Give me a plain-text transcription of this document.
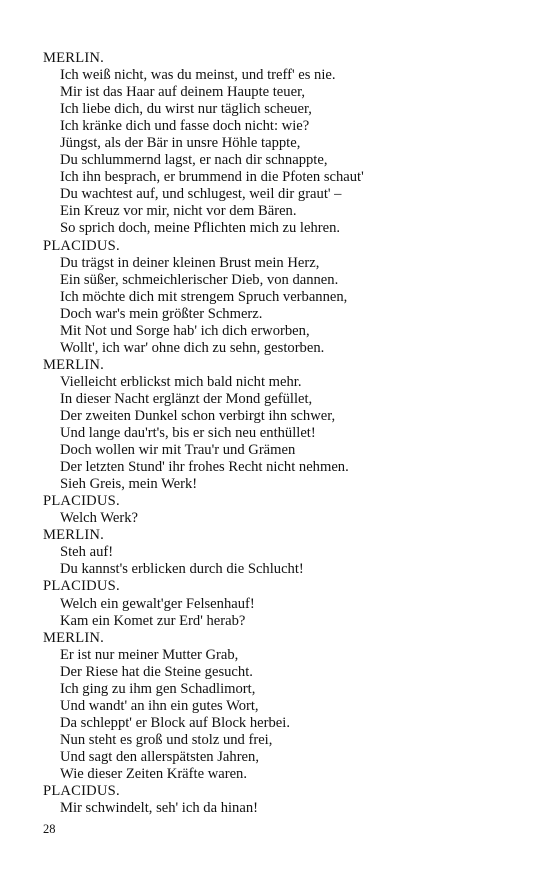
MERLIN.
Ich weiß nicht, was du meinst, und treff' es nie.
Mir ist das Haar auf deinem Haupte teuer,
Ich liebe dich, du wirst nur täglich scheuer,
Ich kränke dich und fasse doch nicht: wie?
Jüngst, als der Bär in unsre Höhle tappte,
Du schlummernd lagst, er nach dir schnappte,
Ich ihn besprach, er brummend in die Pfoten schaut'
Du wachtest auf, und schlugest, weil dir graut' –
Ein Kreuz vor mir, nicht vor dem Bären.
So sprich doch, meine Pflichten mich zu lehren.
PLACIDUS.
Du trägst in deiner kleinen Brust mein Herz,
Ein süßer, schmeichlerischer Dieb, von dannen.
Ich möchte dich mit strengem Spruch verbannen,
Doch war's mein größter Schmerz.
Mit Not und Sorge hab' ich dich erworben,
Wollt', ich war' ohne dich zu sehn, gestorben.
MERLIN.
Vielleicht erblickst mich bald nicht mehr.
In dieser Nacht erglänzt der Mond gefüllet,
Der zweiten Dunkel schon verbirgt ihn schwer,
Und lange dau'rt's, bis er sich neu enthüllet!
Doch wollen wir mit Trau'r und Grämen
Der letzten Stund' ihr frohes Recht nicht nehmen.
Sieh Greis, mein Werk!
PLACIDUS.
Welch Werk?
MERLIN.
Steh auf!
Du kannst's erblicken durch die Schlucht!
PLACIDUS.
Welch ein gewalt'ger Felsenhauf!
Kam ein Komet zur Erd' herab?
MERLIN.
Er ist nur meiner Mutter Grab,
Der Riese hat die Steine gesucht.
Ich ging zu ihm gen Schadlimort,
Und wandt' an ihn ein gutes Wort,
Da schleppt' er Block auf Block herbei.
Nun steht es groß und stolz und frei,
Und sagt den allerspätsten Jahren,
Wie dieser Zeiten Kräfte waren.
PLACIDUS.
Mir schwindelt, seh' ich da hinan!
28
